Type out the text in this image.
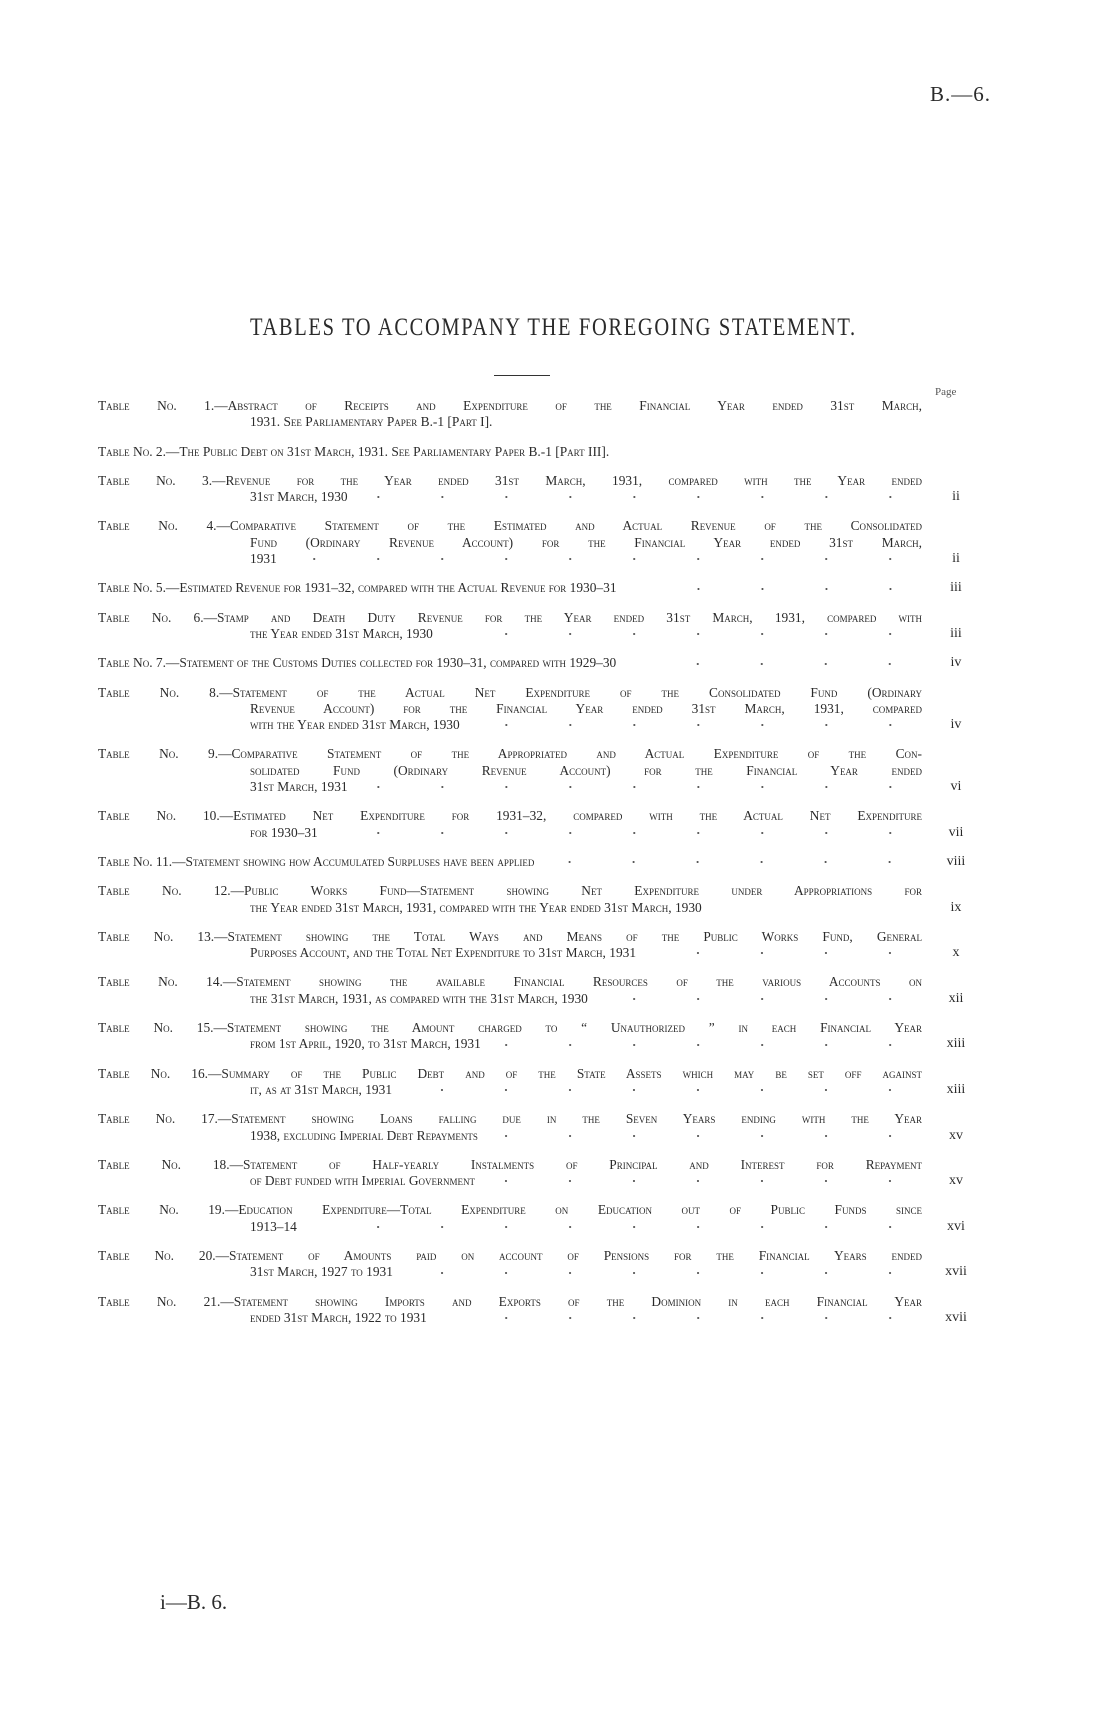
B.—6.
TABLES TO ACCOMPANY THE FOREGOING STATEMENT.
Page
Table No. 1.—Abstract of Receipts and Expenditure of the Financial Year ended 31st March,
1931. See Parliamentary Paper B.-1 [Part I].
Table No. 2.—The Public Debt on 31st March, 1931. See Parliamentary Paper B.-1 [Part III].
Table No. 3.—Revenue for the Year ended 31st March, 1931, compared with the Year ended
31st March, 1930	ii
Table No. 4.—Comparative Statement of the Estimated and Actual Revenue of the Consolidated
Fund (Ordinary Revenue Account) for the Financial Year ended 31st March,
1931	ii
Table No. 5.— Estimated Revenue for 1931–32, compared with the Actual Revenue for 1930–31	iii
Table No. 6.—Stamp and Death Duty Revenue for the Year ended 31st March, 1931, compared with
the Year ended 31st March, 1930	iii
Table No. 7.— Statement of the Customs Duties collected for 1930–31, compared with 1929–30	iv
Table No. 8.—Statement of the Actual Net Expenditure of the Consolidated Fund (Ordinary
Revenue Account) for the Financial Year ended 31st March, 1931, compared
with the Year ended 31st March, 1930	iv
Table No. 9.—Comparative Statement of the Appropriated and Actual Expenditure of the Con-
solidated Fund (Ordinary Revenue Account) for the Financial Year ended
31st March, 1931	vi
Table No. 10.—Estimated Net Expenditure for 1931–32, compared with the Actual Net Expenditure
for 1930–31	vii
Table No. 11.— Statement showing how Accumulated Surpluses have been applied	viii
Table No. 12.—Public Works Fund—Statement showing Net Expenditure under Appropriations for
the Year ended 31st March, 1931, compared with the Year ended 31st March, 1930	ix
Table No. 13.—Statement showing the Total Ways and Means of the Public Works Fund, General
Purposes Account, and the Total Net Expenditure to 31st March, 1931	x
Table No. 14.—Statement showing the available Financial Resources of the various Accounts on
the 31st March, 1931, as compared with the 31st March, 1930	xii
Table No. 15.—Statement showing the Amount charged to “ Unauthorized ” in each Financial Year
from 1st April, 1920, to 31st March, 1931	xiii
Table No. 16.—Summary of the Public Debt and of the State Assets which may be set off against
it, as at 31st March, 1931	xiii
Table No. 17.—Statement showing Loans falling due in the Seven Years ending with the Year
1938, excluding Imperial Debt Repayments	xv
Table No. 18.—Statement of Half-yearly Instalments of Principal and Interest for Repayment
of Debt funded with Imperial Government	xv
Table No. 19.—Education Expenditure—Total Expenditure on Education out of Public Funds since
1913–14	xvi
Table No. 20.—Statement of Amounts paid on account of Pensions for the Financial Years ended
31st March, 1927 to 1931	xvii
Table No. 21.—Statement showing Imports and Exports of the Dominion in each Financial Year
ended 31st March, 1922 to 1931	xvii
i—B. 6.
